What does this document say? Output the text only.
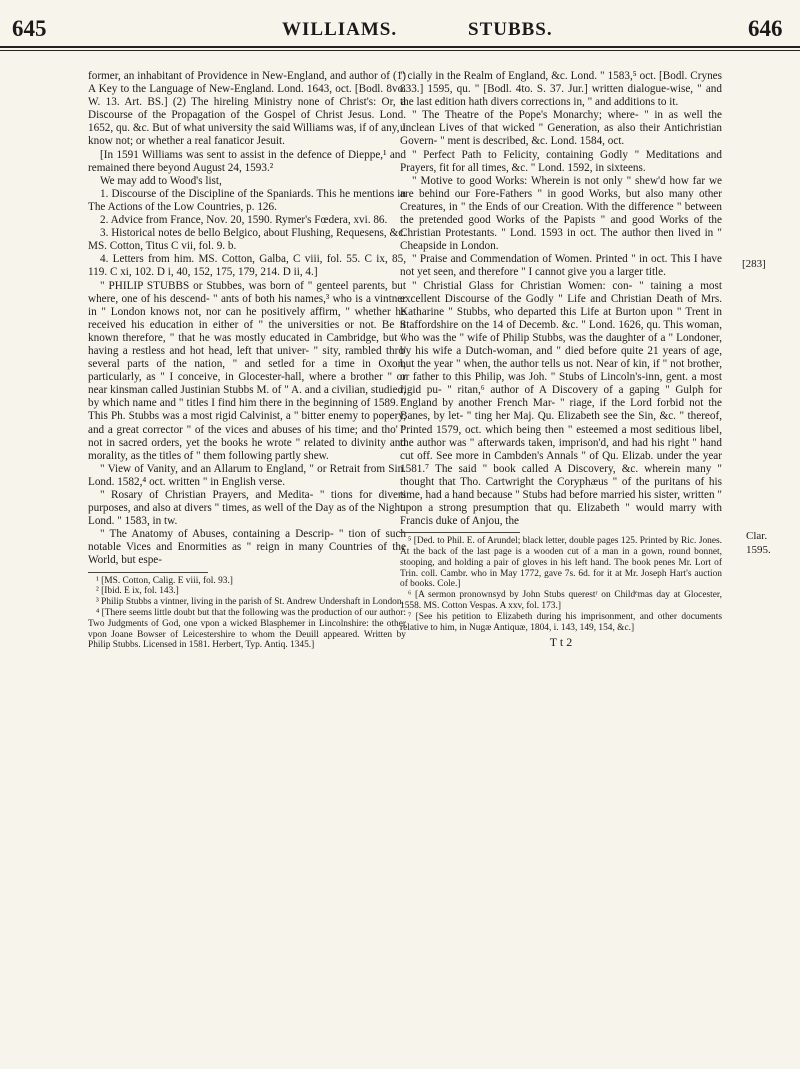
645	WILLIAMS.	STUBBS.	646

former, an inhabitant of Providence in New-England, and author of (1) A Key to the Language of New-England. Lond. 1643, oct. [Bodl. 8vo. W. 13. Art. BS.] (2) The hireling Ministry none of Christ's: Or, a Discourse of the Propagation of the Gospel of Christ Jesus. Lond. 1652, qu. &c. But of what university the said Williams was, if of any, I know not; or whether a real fanaticor Jesuit.

[In 1591 Williams was sent to assist in the defence of Dieppe,¹ and remained there beyond August 24, 1593.²

We may add to Wood's list,

1. Discourse of the Discipline of the Spaniards. This he mentions in The Actions of the Low Countries, p. 126.

2. Advice from France, Nov. 20, 1590. Rymer's Fœdera, xvi. 86.

3. Historical notes de bello Belgico, about Flushing, Requesens, &c. MS. Cotton, Titus C vii, fol. 9. b.

4. Letters from him. MS. Cotton, Galba, C viii, fol. 55. C ix, 85, 119. C xi, 102. D i, 40, 152, 175, 179, 214. D ii, 4.]

" PHILIP STUBBS or Stubbes, was born of " genteel parents, but where, one of his descend- " ants of both his names,³ who is a vintner in " London knows not, nor can he positively affirm, " whether he received his education in either of " the universities or not. Be it known therefore, " that he was mostly educated in Cambridge, but " having a restless and hot head, left that univer- " sity, rambled thro' several parts of the nation, " and setled for a time in Oxon, particularly, as " I conceive, in Glocester-hall, where a brother " or near kinsman called Justinian Stubbs M. of " A. and a civilian, studied, by which name and " titles I find him there in the beginning of 1589. " This Ph. Stubbs was a most rigid Calvinist, a " bitter enemy to popery, and a great corrector " of the vices and abuses of his time; and tho' " not in sacred orders, yet the books he wrote " related to divinity and morality, as the titles of " them following partly shew.

" View of Vanity, and an Allarum to England, " or Retrait from Sin. Lond. 1582,⁴ oct. written " in English verse.

" Rosary of Christian Prayers, and Medita- " tions for divers purposes, and also at divers " times, as well of the Day as of the Night. Lond. " 1583, in tw.

" The Anatomy of Abuses, containing a Descrip- " tion of such notable Vices and Enormities as " reign in many Countries of the World, but espe-

¹ [MS. Cotton, Calig. E viii, fol. 93.]

² [Ibid. E ix, fol. 143.]

³ Philip Stubbs a vintner, living in the parish of St. Andrew Undershaft in London.

⁴ [There seems little doubt but that the following was the production of our author: Two Judgments of God, one vpon a wicked Blasphemer in Lincolnshire: the other vpon Joane Bowser of Leicestershire to whom the Deuill appeared. Written by Philip Stubbs. Licensed in 1581. Herbert, Typ. Antiq. 1345.]

" cially in the Realm of England, &c. Lond. " 1583,⁵ oct. [Bodl. Crynes 833.] 1595, qu. " [Bodl. 4to. S. 37. Jur.] written dialogue-wise, " and the last edition hath divers corrections in, " and additions to it.

" The Theatre of the Pope's Monarchy; where- " in as well the unclean Lives of that wicked " Generation, as also their Antichristian Govern- " ment is described, &c. Lond. 1584, oct.

" Perfect Path to Felicity, containing Godly " Meditations and Prayers, fit for all times, &c. " Lond. 1592, in sixteens.

" Motive to good Works: Wherein is not only " shew'd how far we are behind our Fore-Fathers " in good Works, but also many other Creatures, in " the Ends of our Creation. With the difference " between the pretended good Works of the Papists " and good Works of the Christian Protestants. " Lond. 1593 in oct. The author then lived in " Cheapside in London.

" Praise and Commendation of Women. Printed " in oct. This I have not yet seen, and therefore " I cannot give you a larger title.

" Christial Glass for Christian Women: con- " taining a most excellent Discourse of the Godly " Life and Christian Death of Mrs. Katharine " Stubbs, who departed this Life at Burton upon " Trent in Staffordshire on the 14 of Decemb. &c. " Lond. 1626, qu. This woman, who was the " wife of Philip Stubbs, was the daughter of a " Londoner, by his wife a Dutch-woman, and " died before quite 21 years of age, but the year " when, the author tells us not. Near of kin, if " not brother, or father to this Philip, was Joh. " Stubs of Lincoln's-inn, gent. a most rigid pu- " ritan,⁶ author of A Discovery of a gaping " Gulph for England by another French Mar- " riage, if the Lord forbid not the Banes, by let- " ting her Maj. Qu. Elizabeth see the Sin, &c. " thereof, Printed 1579, oct. which being then " esteemed a most seditious libel, the author was " afterwards taken, imprison'd, and had his right " hand cut off. See more in Cambden's Annals " of Qu. Elizab. under the year 1581.⁷ The said " book called A Discovery, &c. wherein many " thought that Tho. Cartwright the Coryphæus " of the puritans of his time, had a hand because " Stubs had before married his sister, written " upon a strong presumption that qu. Elizabeth " would marry with Francis duke of Anjou, the

⁵ [Ded. to Phil. E. of Arundel; black letter, double pages 125. Printed by Ric. Jones. At the back of the last page is a wooden cut of a man in a gown, round bonnet, stooping, and holding a pair of gloves in his left hand. The book penes Mr. Lort of Trin. coll. Cambr. who in May 1772, gave 7s. 6d. for it at Mr. Joseph Hart's auction of books. Cole.]

⁶ [A sermon pronownsyd by John Stubs querestʳ on Childᵉmas day at Glocester, 1558. MS. Cotton Vespas. A xxv, fol. 173.]

⁷ [See his petition to Elizabeth during his imprisonment, and other documents relative to him, in Nugæ Antiquæ, 1804, i. 143, 149, 154, &c.]

T t 2
[283]
Clar.
1595.
